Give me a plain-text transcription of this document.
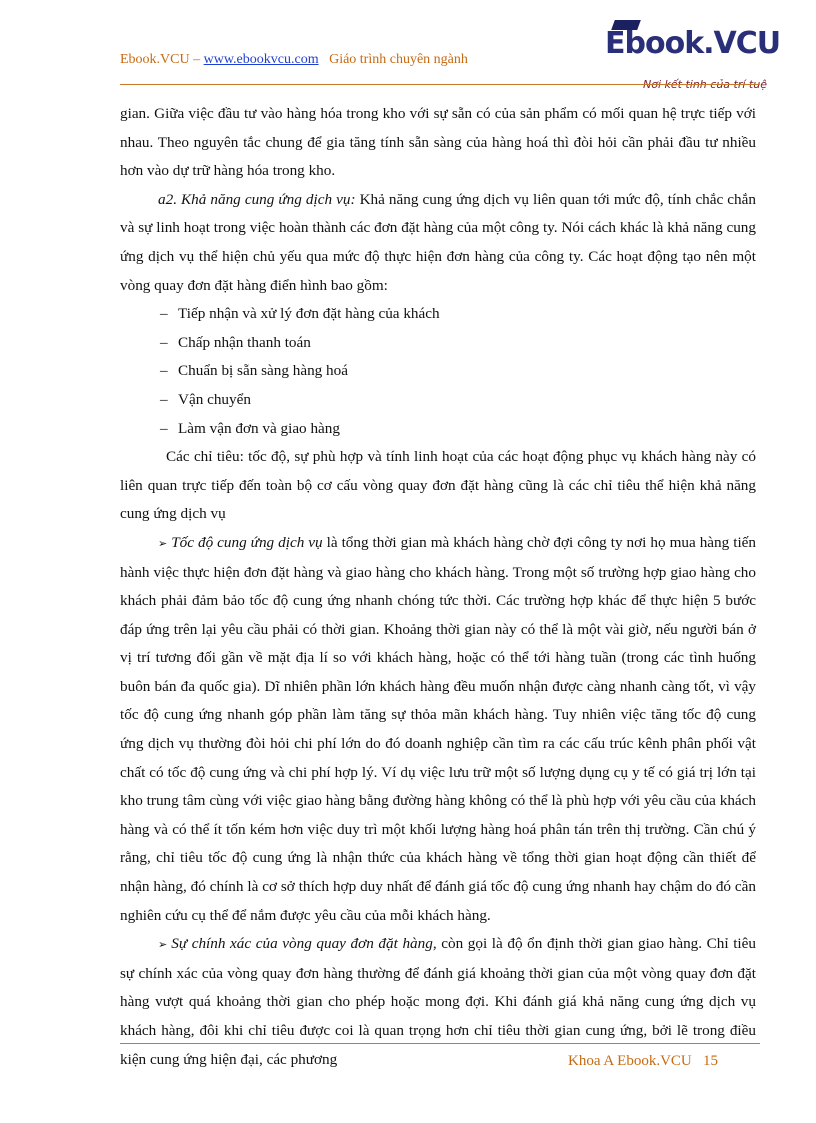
Ebook.VCU – www.ebookvcu.com Giáo trình chuyên ngành	Ebook.VCU
Nơi kết tinh của trí tuệ

gian. Giữa việc đầu tư vào hàng hóa trong kho với sự sẵn có của sản phẩm có mối quan hệ trực tiếp với nhau. Theo nguyên tắc chung để gia tăng tính sẵn sàng của hàng hoá thì đòi hỏi cần phải đầu tư nhiều hơn vào dự trữ hàng hóa trong kho.

a2. Khả năng cung ứng dịch vụ: Khả năng cung ứng dịch vụ liên quan tới mức độ, tính chắc chắn và sự linh hoạt trong việc hoàn thành các đơn đặt hàng của một công ty. Nói cách khác là khả năng cung ứng dịch vụ thể hiện chủ yếu qua mức độ thực hiện đơn hàng của công ty. Các hoạt động tạo nên một vòng quay đơn đặt hàng điển hình bao gồm:

– Tiếp nhận và xử lý đơn đặt hàng của khách
– Chấp nhận thanh toán
– Chuẩn bị sẵn sàng hàng hoá
– Vận chuyển
– Làm vận đơn và giao hàng

Các chỉ tiêu: tốc độ, sự phù hợp và tính linh hoạt của các hoạt động phục vụ khách hàng này có liên quan trực tiếp đến toàn bộ cơ cấu vòng quay đơn đặt hàng cũng là các chỉ tiêu thể hiện khả năng cung ứng dịch vụ

➢ Tốc độ cung ứng dịch vụ là tổng thời gian mà khách hàng chờ đợi công ty nơi họ mua hàng tiến hành việc thực hiện đơn đặt hàng và giao hàng cho khách hàng. Trong một số trường hợp giao hàng cho khách phải đảm bảo tốc độ cung ứng nhanh chóng tức thời. Các trường hợp khác để thực hiện 5 bước đáp ứng trên lại yêu cầu phải có thời gian. Khoảng thời gian này có thể là một vài giờ, nếu người bán ở vị trí tương đối gần về mặt địa lí so với khách hàng, hoặc có thể tới hàng tuần (trong các tình huống buôn bán đa quốc gia). Dĩ nhiên phần lớn khách hàng đều muốn nhận được càng nhanh càng tốt, vì vậy tốc độ cung ứng nhanh góp phần làm tăng sự thỏa mãn khách hàng. Tuy nhiên việc tăng tốc độ cung ứng dịch vụ thường đòi hỏi chi phí lớn do đó doanh nghiệp cần tìm ra các cấu trúc kênh phân phối vật chất có tốc độ cung ứng và chi phí hợp lý. Ví dụ việc lưu trữ một số lượng dụng cụ y tế có giá trị lớn tại kho trung tâm cùng với việc giao hàng bằng đường hàng không có thể là phù hợp với yêu cầu của khách hàng và có thể ít tốn kém hơn việc duy trì một khối lượng hàng hoá phân tán trên thị trường. Cần chú ý rằng, chỉ tiêu tốc độ cung ứng là nhận thức của khách hàng về tổng thời gian hoạt động cần thiết để nhận hàng, đó chính là cơ sở thích hợp duy nhất để đánh giá tốc độ cung ứng nhanh hay chậm do đó cần nghiên cứu cụ thể để nắm được yêu cầu của mỗi khách hàng.

➢ Sự chính xác của vòng quay đơn đặt hàng, còn gọi là độ ổn định thời gian giao hàng. Chỉ tiêu sự chính xác của vòng quay đơn hàng thường để đánh giá khoảng thời gian của một vòng quay đơn đặt hàng vượt quá khoảng thời gian cho phép hoặc mong đợi. Khi đánh giá khả năng cung ứng dịch vụ khách hàng, đôi khi chỉ tiêu được coi là quan trọng hơn chỉ tiêu thời gian cung ứng, bởi lẽ trong điều kiện cung ứng hiện đại, các phương	Khoa A Ebook.VCU 15
